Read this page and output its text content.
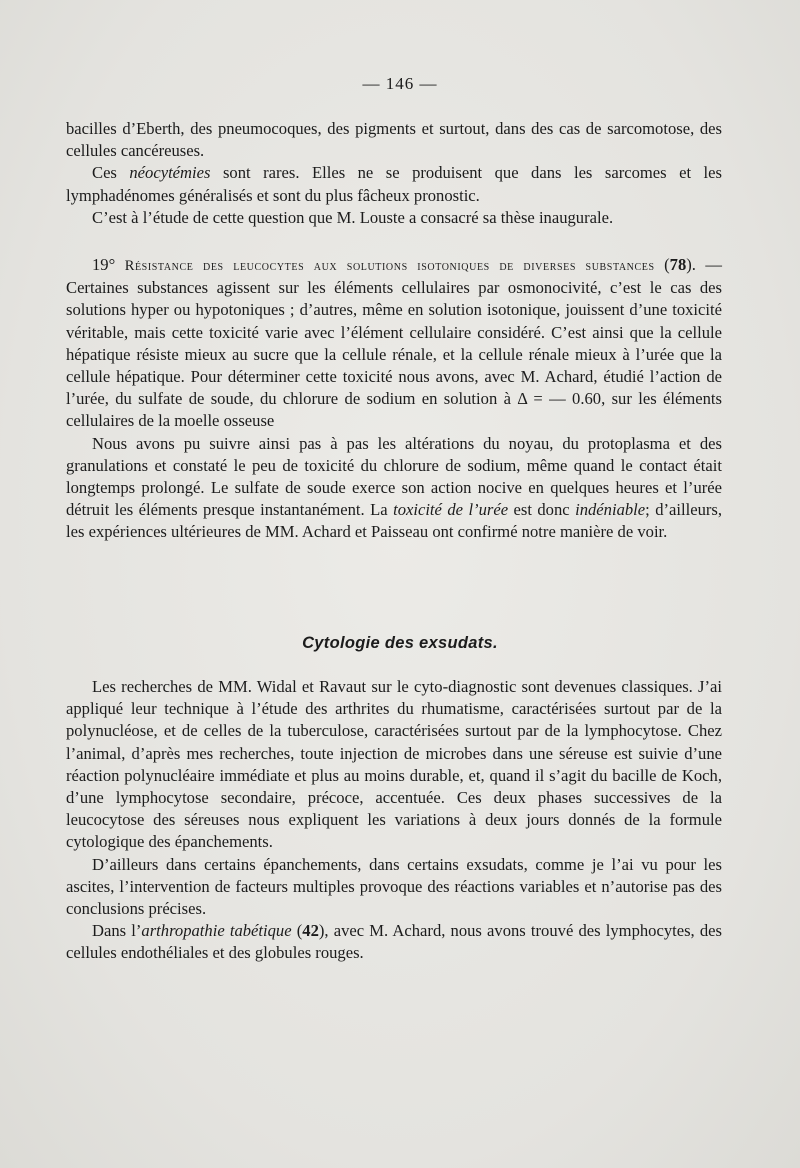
— 146 —

bacilles d’Eberth, des pneumocoques, des pigments et surtout, dans des cas de sarcomotose, des cellules cancéreuses.

Ces néocytémies sont rares. Elles ne se produisent que dans les sarcomes et les lymphadénomes généralisés et sont du plus fâcheux pronostic.

C’est à l’étude de cette question que M. Louste a consacré sa thèse inaugurale.

19° Résistance des leucocytes aux solutions isotoniques de diverses substances (78). — Certaines substances agissent sur les éléments cellulaires par osmonocivité, c’est le cas des solutions hyper ou hypotoniques ; d’autres, même en solution isotonique, jouissent d’une toxicité véritable, mais cette toxicité varie avec l’élément cellulaire considéré. C’est ainsi que la cellule hépatique résiste mieux au sucre que la cellule rénale, et la cellule rénale mieux à l’urée que la cellule hépatique. Pour déterminer cette toxicité nous avons, avec M. Achard, étudié l’action de l’urée, du sulfate de soude, du chlorure de sodium en solution à Δ = — 0.60, sur les éléments cellulaires de la moelle osseuse

Nous avons pu suivre ainsi pas à pas les altérations du noyau, du protoplasma et des granulations et constaté le peu de toxicité du chlorure de sodium, même quand le contact était longtemps prolongé. Le sulfate de soude exerce son action nocive en quelques heures et l’urée détruit les éléments presque instantanément. La toxicité de l’urée est donc indéniable; d’ailleurs, les expériences ultérieures de MM. Achard et Paisseau ont confirmé notre manière de voir.

Cytologie des exsudats.

Les recherches de MM. Widal et Ravaut sur le cyto-diagnostic sont devenues classiques. J’ai appliqué leur technique à l’étude des arthrites du rhumatisme, caractérisées surtout par de la polynucléose, et de celles de la tuberculose, caractérisées surtout par de la lymphocytose. Chez l’animal, d’après mes recherches, toute injection de microbes dans une séreuse est suivie d’une réaction polynucléaire immédiate et plus au moins durable, et, quand il s’agit du bacille de Koch, d’une lymphocytose secondaire, précoce, accentuée. Ces deux phases successives de la leucocytose des séreuses nous expliquent les variations à deux jours donnés de la formule cytologique des épanchements.

D’ailleurs dans certains épanchements, dans certains exsudats, comme je l’ai vu pour les ascites, l’intervention de facteurs multiples provoque des réactions variables et n’autorise pas des conclusions précises.

Dans l’arthropathie tabétique (42), avec M. Achard, nous avons trouvé des lymphocytes, des cellules endothéliales et des globules rouges.
